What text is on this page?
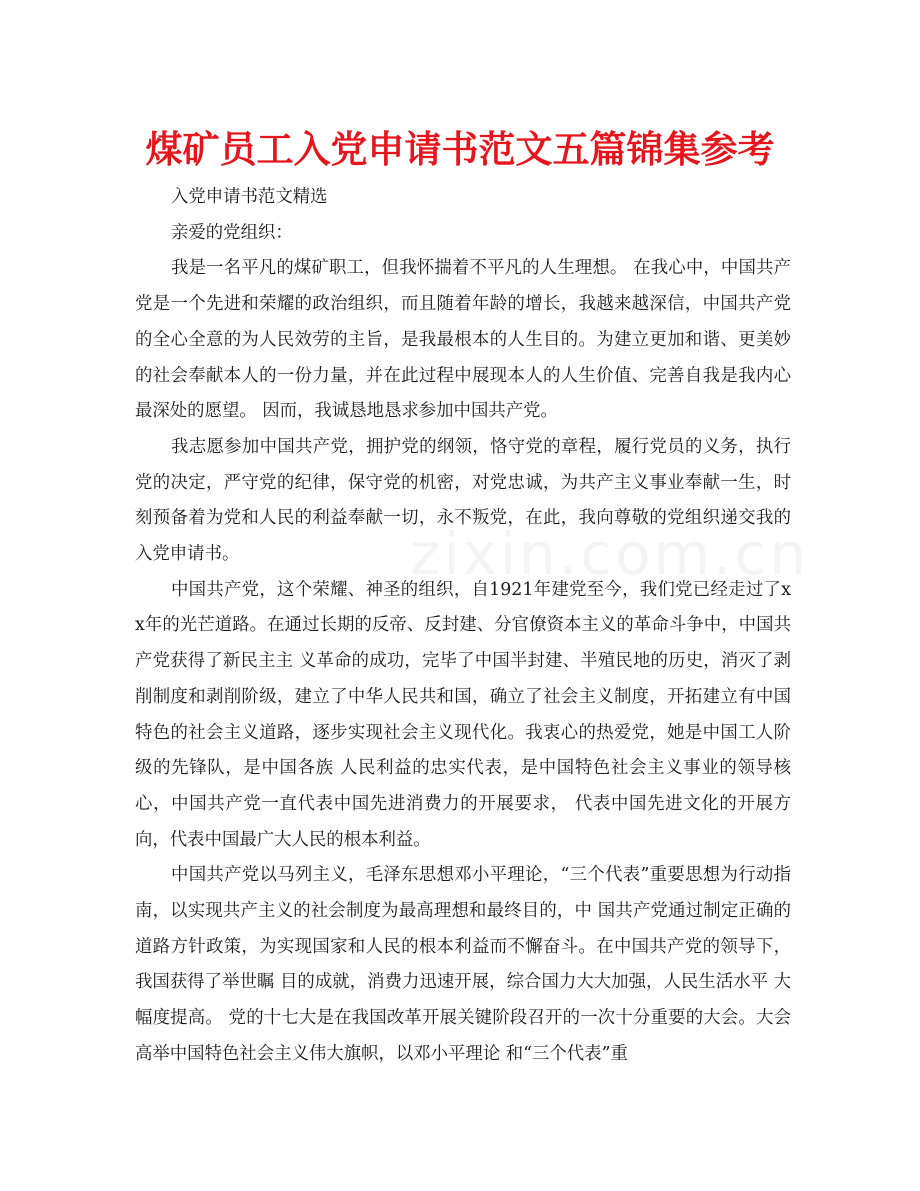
煤矿员工入党申请书范文五篇锦集参考

入党申请书范文精选

亲爱的党组织：

我是一名平凡的煤矿职工，但我怀揣着不平凡的人生理想。 在我心中，中国共产党是一个先进和荣耀的政治组织，而且随着年龄的增长，我越来越深信，中国共产党的全心全意的为人民效劳的主旨，是我最根本的人生目的。为建立更加和谐、更美妙的社会奉献本人的一份力量，并在此过程中展现本人的人生价值、完善自我是我内心最深处的愿望。 因而，我诚恳地恳求参加中国共产党。

我志愿参加中国共产党，拥护党的纲领，恪守党的章程，履行党员的义务，执行党的决定，严守党的纪律，保守党的机密，对党忠诚，为共产主义事业奉献一生，时刻预备着为党和人民的利益奉献一切，永不叛党，在此，我向尊敬的党组织递交我的入党申请书。

中国共产党，这个荣耀、神圣的组织，自1921年建党至今，我们党已经走过了xx年的光芒道路。在通过长期的反帝、反封建、分官僚资本主义的革命斗争中，中国共产党获得了新民主主 义革命的成功，完毕了中国半封建、半殖民地的历史，消灭了剥 削制度和剥削阶级，建立了中华人民共和国，确立了社会主义制度，开拓建立有中国特色的社会主义道路，逐步实现社会主义现代化。我衷心的热爱党，她是中国工人阶级的先锋队，是中国各族 人民利益的忠实代表，是中国特色社会主义事业的领导核心，中国共产党一直代表中国先进消费力的开展要求， 代表中国先进文化的开展方向，代表中国最广大人民的根本利益。

中国共产党以马列主义，毛泽东思想邓小平理论，“三个代表”重要思想为行动指南，以实现共产主义的社会制度为最高理想和最终目的，中 国共产党通过制定正确的道路方针政策，为实现国家和人民的根本利益而不懈奋斗。在中国共产党的领导下，我国获得了举世瞩 目的成就，消费力迅速开展，综合国力大大加强，人民生活水平 大幅度提高。 党的十七大是在我国改革开展关键阶段召开的一次十分重要的大会。大会高举中国特色社会主义伟大旗帜，以邓小平理论 和“三个代表”重
